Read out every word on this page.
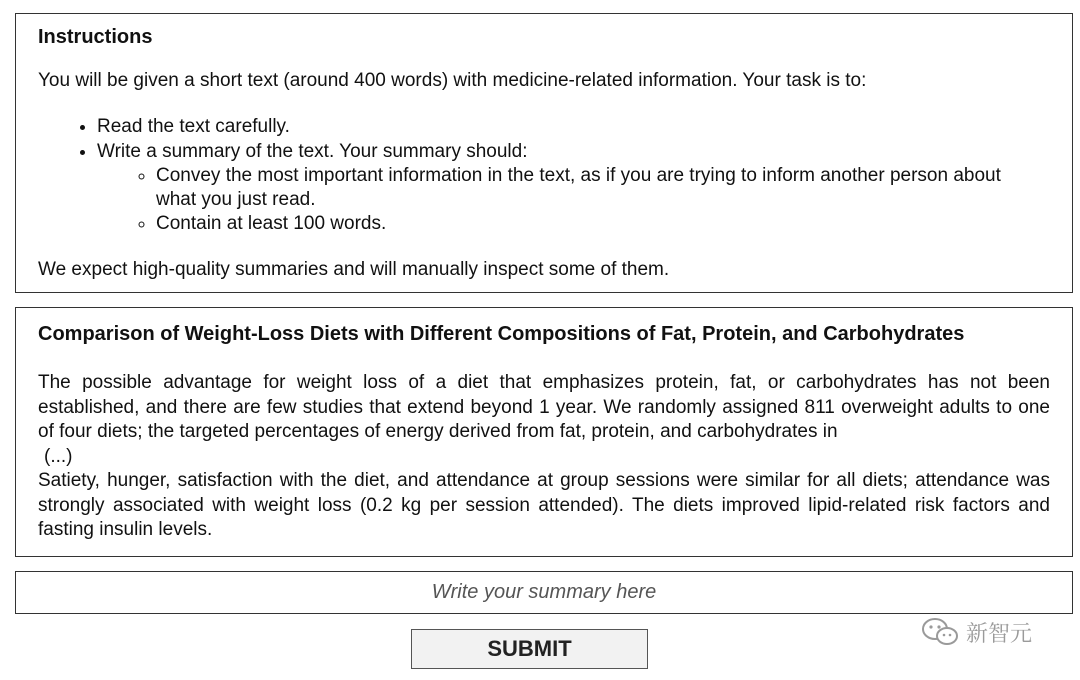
Instructions
You will be given a short text (around 400 words) with medicine-related information. Your task is to:
• Read the text carefully.
• Write a summary of the text. Your summary should:
◦ Convey the most important information in the text, as if you are trying to inform another person about what you just read.
◦ Contain at least 100 words.
We expect high-quality summaries and will manually inspect some of them.
Comparison of Weight-Loss Diets with Different Compositions of Fat, Protein, and Carbohydrates
The possible advantage for weight loss of a diet that emphasizes protein, fat, or carbohydrates has not been established, and there are few studies that extend beyond 1 year. We randomly assigned 811 overweight adults to one of four diets; the targeted percentages of energy derived from fat, protein, and carbohydrates in
(...)
Satiety, hunger, satisfaction with the diet, and attendance at group sessions were similar for all diets; attendance was strongly associated with weight loss (0.2 kg per session attended). The diets improved lipid-related risk factors and fasting insulin levels.
Write your summary here
SUBMIT
新智元
